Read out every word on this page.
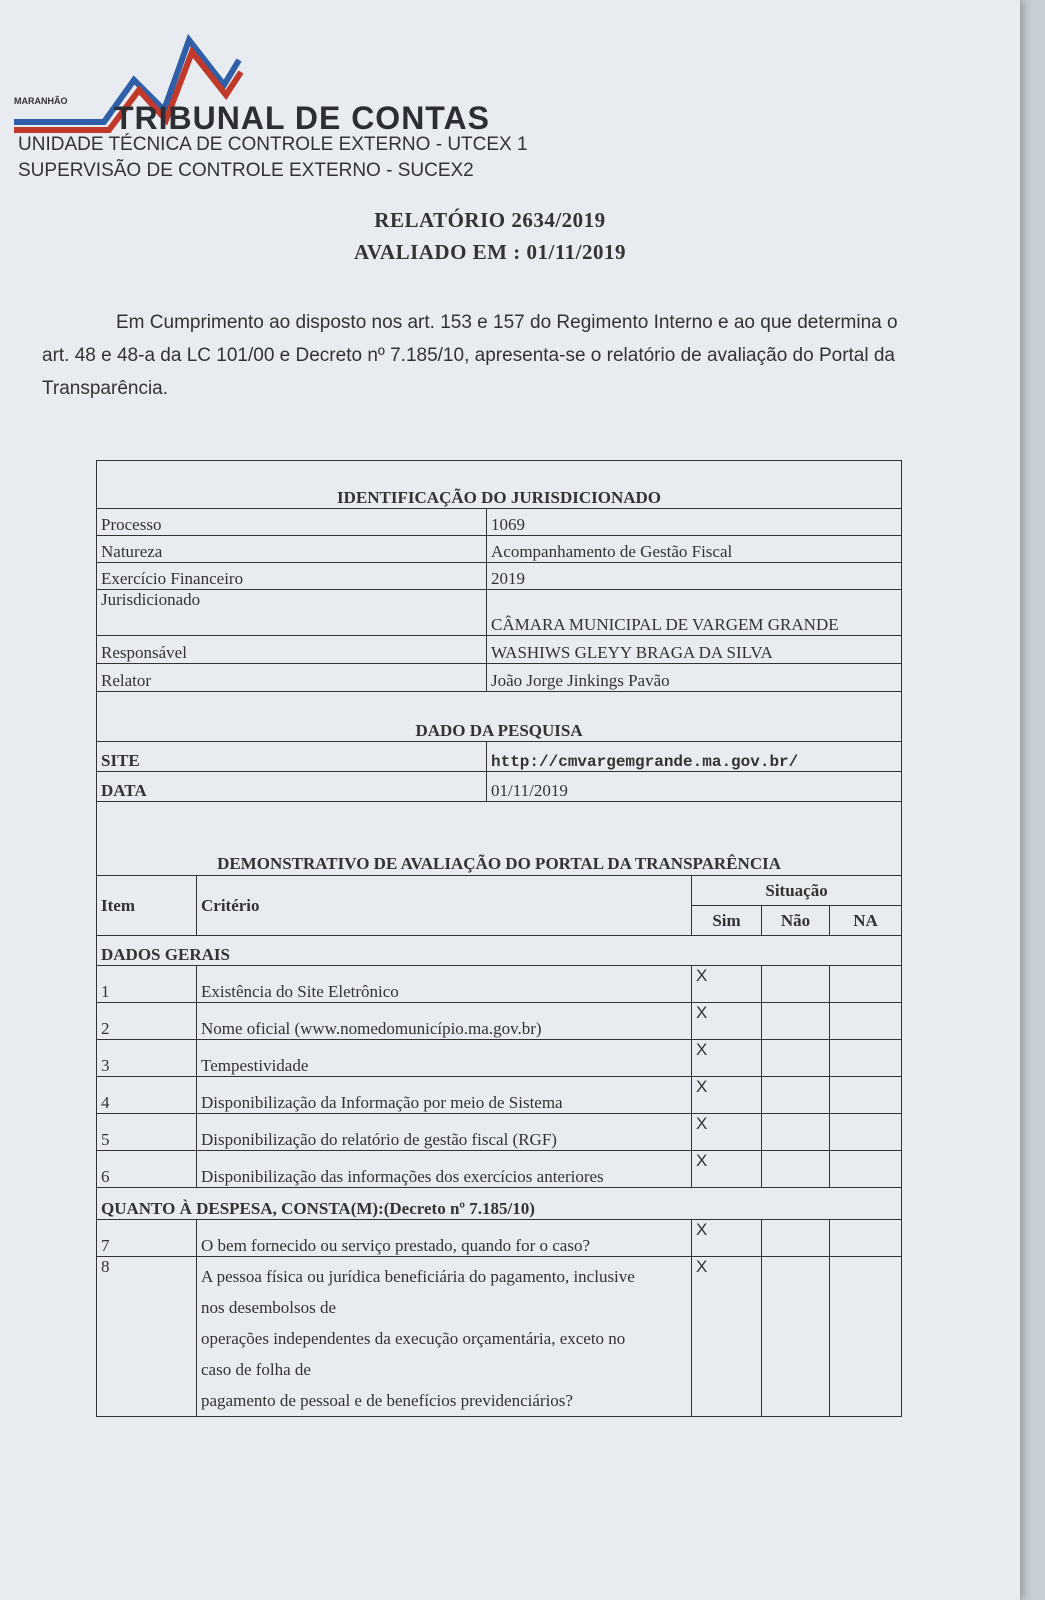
MARANHÃO TRIBUNAL DE CONTAS
UNIDADE TÉCNICA DE CONTROLE EXTERNO - UTCEX 1
SUPERVISÃO DE CONTROLE EXTERNO - SUCEX2
RELATÓRIO 2634/2019
AVALIADO EM : 01/11/2019
Em Cumprimento ao disposto nos art. 153 e 157 do Regimento Interno e ao que determina o art. 48 e 48-a da LC 101/00 e Decreto nº 7.185/10, apresenta-se o relatório de avaliação do Portal da Transparência.
IDENTIFICAÇÃO DO JURISDICIONADO					
Processo		1069			
Natureza		Acompanhamento de Gestão Fiscal			
Exercício Financeiro		2019			
Jurisdicionado		CÂMARA MUNICIPAL DE VARGEM GRANDE			
Responsável		WASHIWS GLEYY BRAGA DA SILVA			
Relator		João Jorge Jinkings Pavão			
DADO DA PESQUISA					
SITE		http://cmvargemgrande.ma.gov.br/			
DATA		01/11/2019			
DEMONSTRATIVO DE AVALIAÇÃO DO PORTAL DA TRANSPARÊNCIA					
Item	Critério		Situação		
			Sim	Não	NA
DADOS GERAIS					
1	Existência do Site Eletrônico		X		
2	Nome oficial (www.nomedomunicípio.ma.gov.br)		X		
3	Tempestividade		X		
4	Disponibilização da Informação por meio de Sistema		X		
5	Disponibilização do relatório de gestão fiscal (RGF)		X		
6	Disponibilização das informações dos exercícios anteriores		X		
QUANTO À DESPESA, CONSTA(M):(Decreto nº 7.185/10)					
7	O bem fornecido ou serviço prestado, quando for o caso?		X		
8	A pessoa física ou jurídica beneficiária do pagamento, inclusive
nos desembolsos de
operações independentes da execução orçamentária, exceto no
caso de folha de
pagamento de pessoal e de benefícios previdenciários?		X		
